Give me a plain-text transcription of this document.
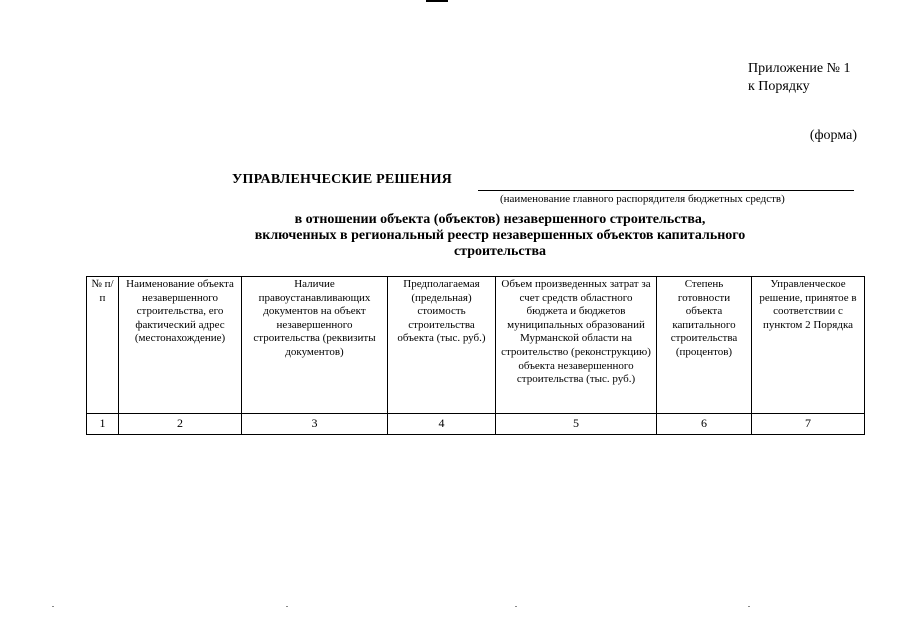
Приложение № 1
к Порядку
(форма)
УПРАВЛЕНЧЕСКИЕ РЕШЕНИЯ
(наименование главного распорядителя бюджетных средств)
в отношении объекта (объектов) незавершенного строительства,
включенных в региональный реестр незавершенных объектов капитального
строительства
№ п/п	Наименование объекта незавершенного строительства, его фактический адрес (местонахождение)	Наличие правоустанавливающих документов на объект незавершенного строительства (реквизиты документов)	Предполагаемая (предельная) стоимость строительства объекта (тыс. руб.)	Объем произведенных затрат за счет средств областного бюджета и бюджетов муниципальных образований Мурманской области на строительство (реконструкцию) объекта незавершенного строительства (тыс. руб.)	Степень готовности объекта капитального строительства (процентов)	Управленческое решение, принятое в соответствии с пунктом 2 Порядка
1	2	3	4	5	6	7
